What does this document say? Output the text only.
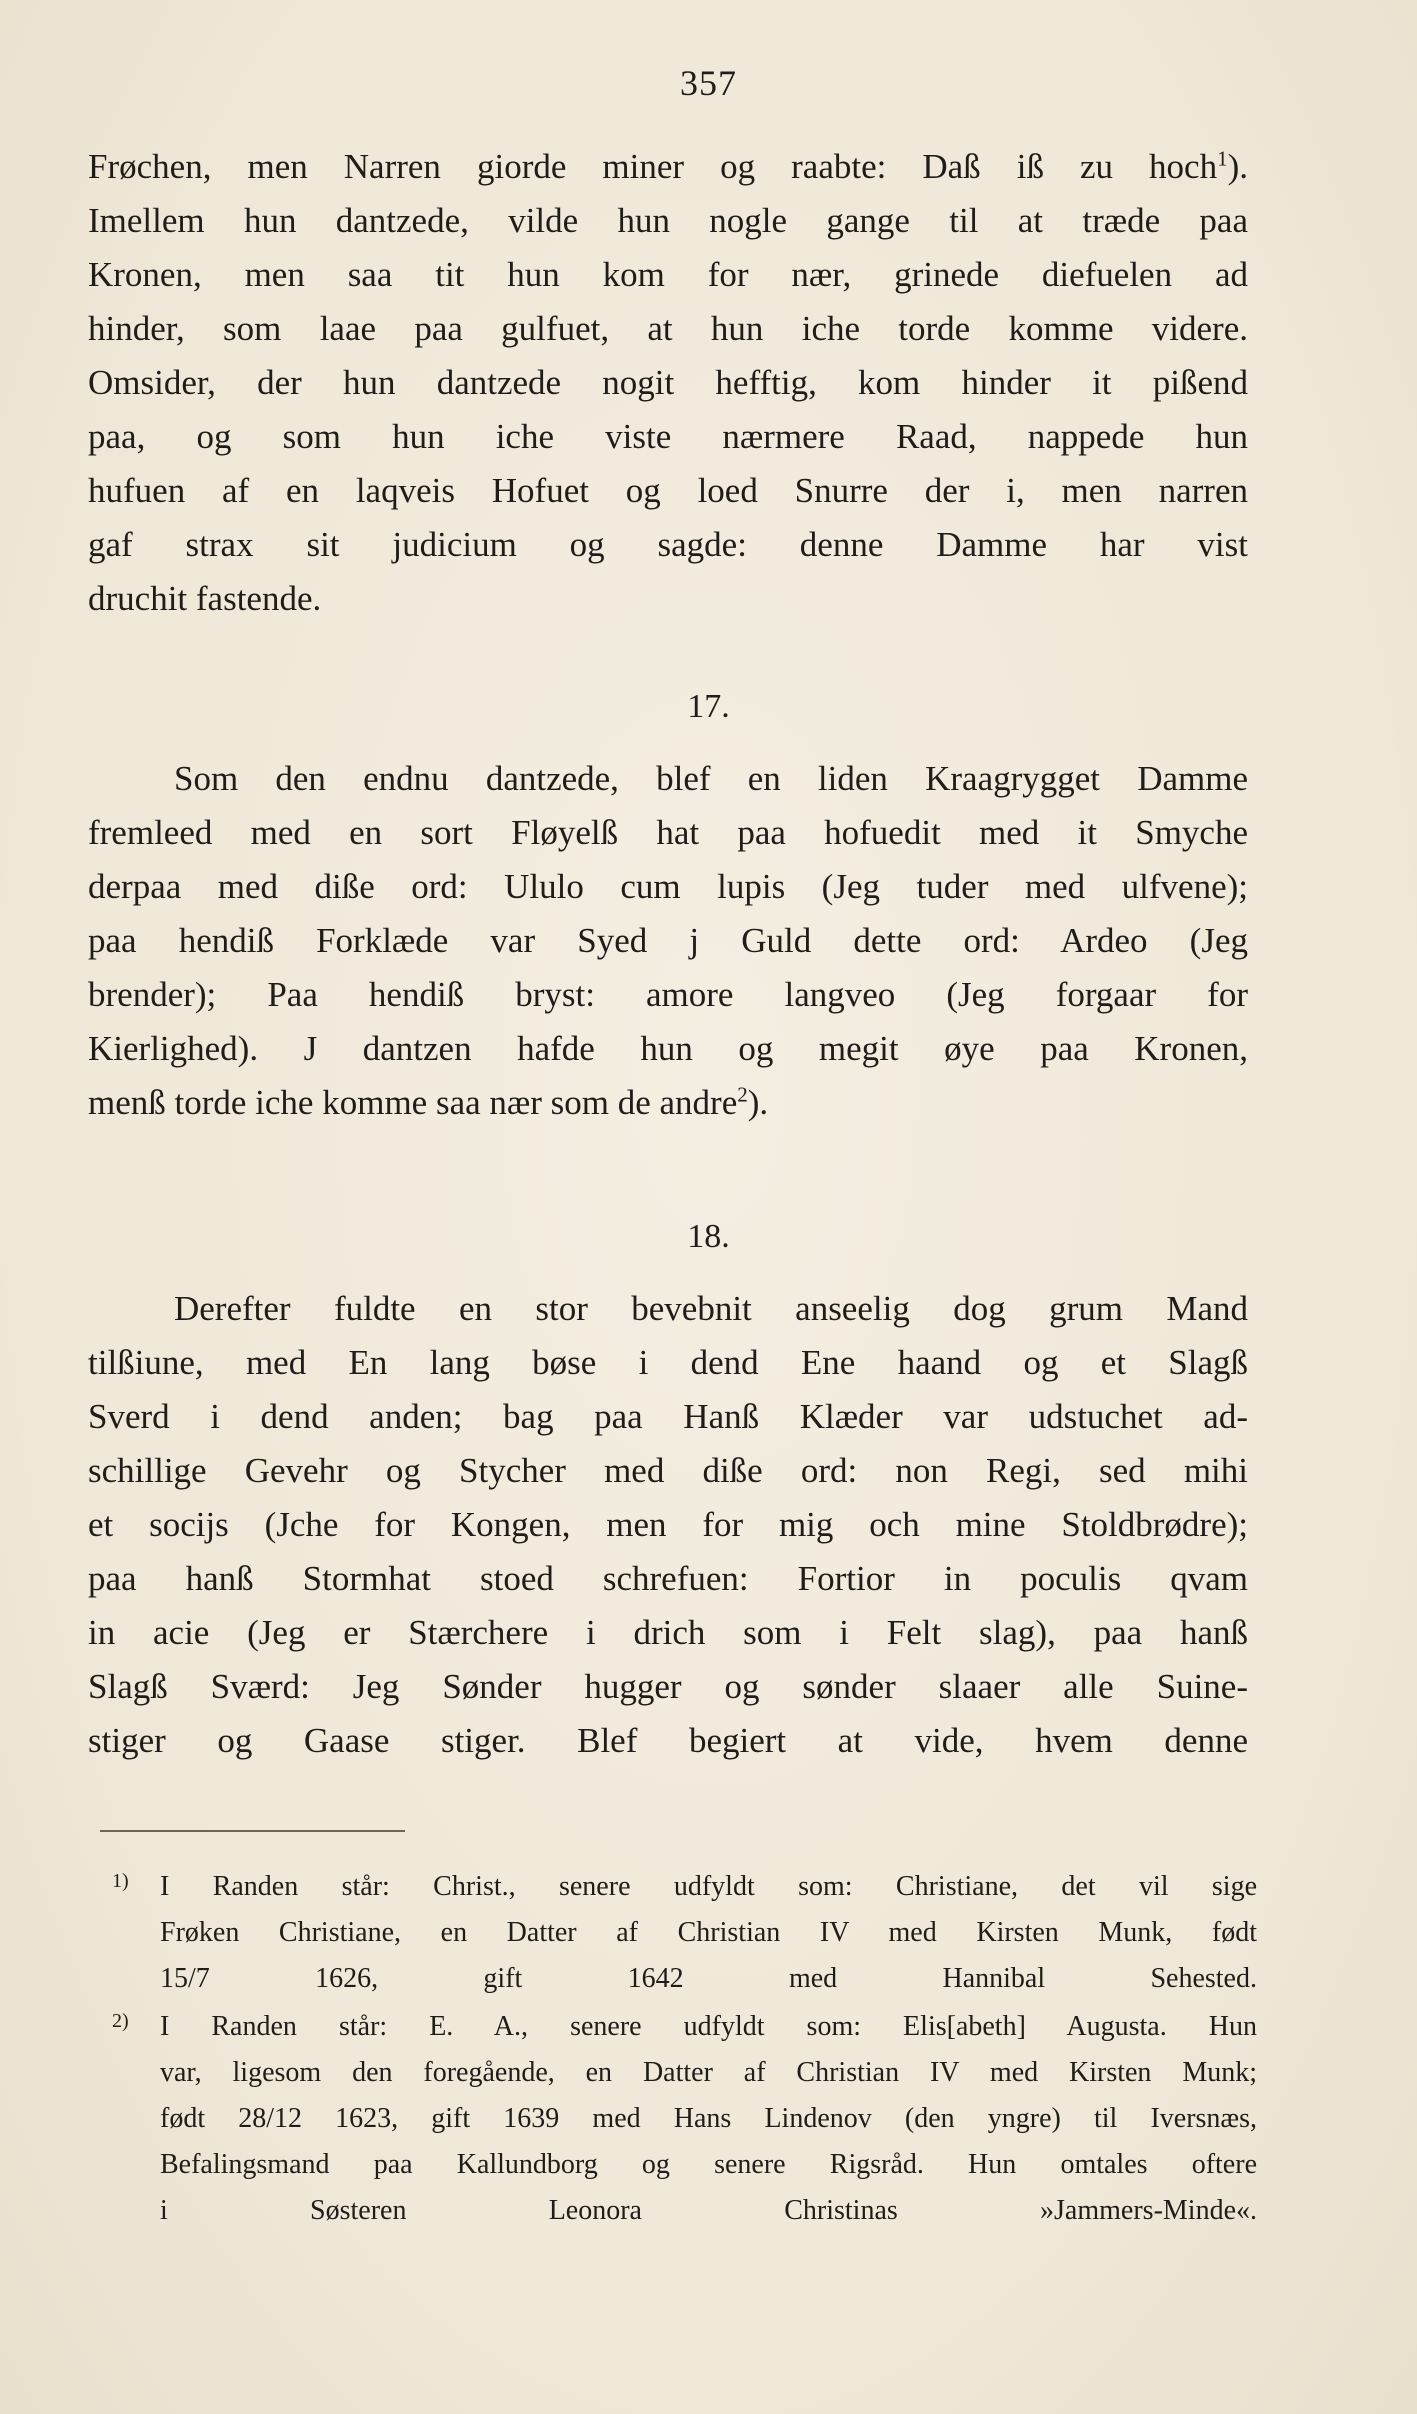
357
Frøchen, men Narren giorde miner og raabte: Daß iß zu hoch$^1$).
Imellem hun dantzede, vilde hun nogle gange til at træde paa
Kronen, men saa tit hun kom for nær, grinede diefuelen ad
hinder, som laae paa gulfuet, at hun iche torde komme videre.
Omsider, der hun dantzede nogit hefftig, kom hinder it pißend
paa, og som hun iche viste nærmere Raad, nappede hun
hufuen af en laqveis Hofuet og loed Snurre der i, men narren
gaf strax sit judicium og sagde: denne Damme har vist
druchit fastende.
17.
Som den endnu dantzede, blef en liden Kraagrygget Damme
fremleed med en sort Fløyelß hat paa hofuedit med it Smyche
derpaa med diße ord: Ululo cum lupis (Jeg tuder med ulfvene);
paa hendiß Forklæde var Syed j Guld dette ord: Ardeo (Jeg
brender); Paa hendiß bryst: amore langveo (Jeg forgaar for
Kierlighed). J dantzen hafde hun og megit øye paa Kronen,
menß torde iche komme saa nær som de andre$^2$).
18.
Derefter fuldte en stor bevebnit anseelig dog grum Mand
tilßiune, med En lang bøse i dend Ene haand og et Slagß
Sverd i dend anden; bag paa Hanß Klæder var udstuchet ad-
schillige Gevehr og Stycher med diße ord: non Regi, sed mihi
et socijs (Jche for Kongen, men for mig och mine Stoldbrødre);
paa hanß Stormhat stoed schrefuen: Fortior in poculis qvam
in acie (Jeg er Stærchere i drich som i Felt slag), paa hanß
Slagß Sværd: Jeg Sønder hugger og sønder slaaer alle Suine-
stiger og Gaase stiger. Blef begiert at vide, hvem denne
1) I Randen står: Christ., senere udfyldt som: Christiane, det vil sige
Frøken Christiane, en Datter af Christian IV med Kirsten Munk, født
15/7 1626, gift 1642 med Hannibal Sehested.
2) I Randen står: E. A., senere udfyldt som: Elis[abeth] Augusta. Hun
var, ligesom den foregående, en Datter af Christian IV med Kirsten Munk;
født 28/12 1623, gift 1639 med Hans Lindenov (den yngre) til Iversnæs,
Befalingsmand paa Kallundborg og senere Rigsråd. Hun omtales oftere
i Søsteren Leonora Christinas »Jammers-Minde«.
